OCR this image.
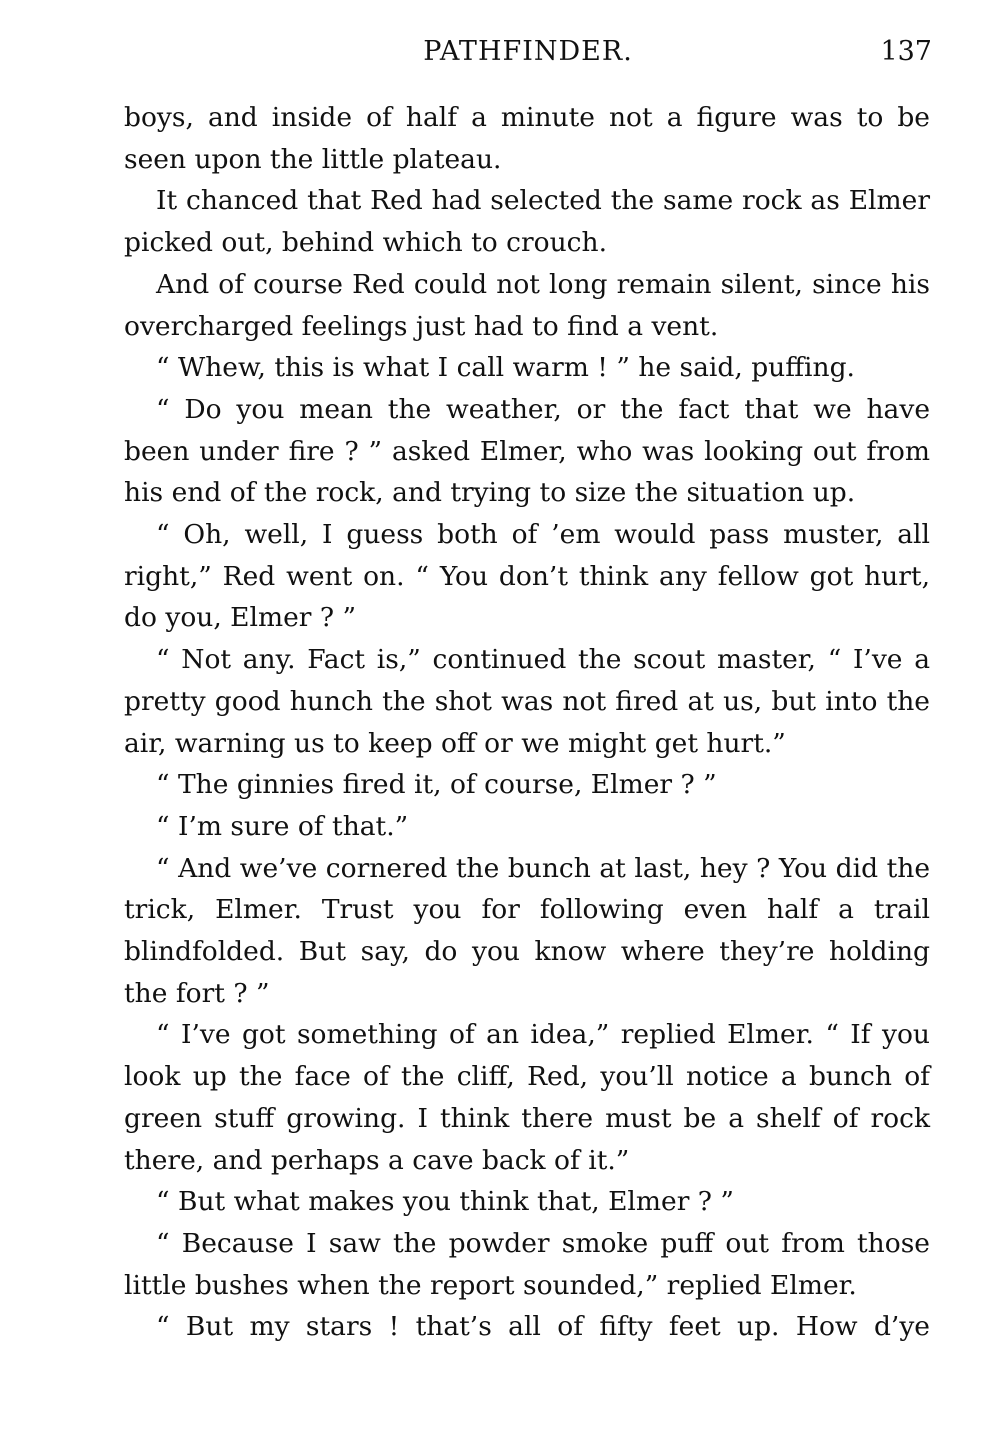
PATHFINDER.	137

boys, and inside of half a minute not a figure was to be seen upon the little plateau.

It chanced that Red had selected the same rock as Elmer picked out, behind which to crouch.

And of course Red could not long remain silent, since his overcharged feelings just had to find a vent.

“ Whew, this is what I call warm ! ” he said, puffing.

“ Do you mean the weather, or the fact that we have been under fire ? ” asked Elmer, who was looking out from his end of the rock, and trying to size the situation up.

“ Oh, well, I guess both of ’em would pass muster, all right,” Red went on. “ You don’t think any fellow got hurt, do you, Elmer ? ”

“ Not any. Fact is,” continued the scout master, “ I’ve a pretty good hunch the shot was not fired at us, but into the air, warning us to keep off or we might get hurt.”

“ The ginnies fired it, of course, Elmer ? ”

“ I’m sure of that.”

“ And we’ve cornered the bunch at last, hey ? You did the trick, Elmer. Trust you for following even half a trail blindfolded. But say, do you know where they’re holding the fort ? ”

“ I’ve got something of an idea,” replied Elmer. “ If you look up the face of the cliff, Red, you’ll notice a bunch of green stuff growing. I think there must be a shelf of rock there, and perhaps a cave back of it.”

“ But what makes you think that, Elmer ? ”

“ Because I saw the powder smoke puff out from those little bushes when the report sounded,” replied Elmer.

“ But my stars ! that’s all of fifty feet up. How d’ye
